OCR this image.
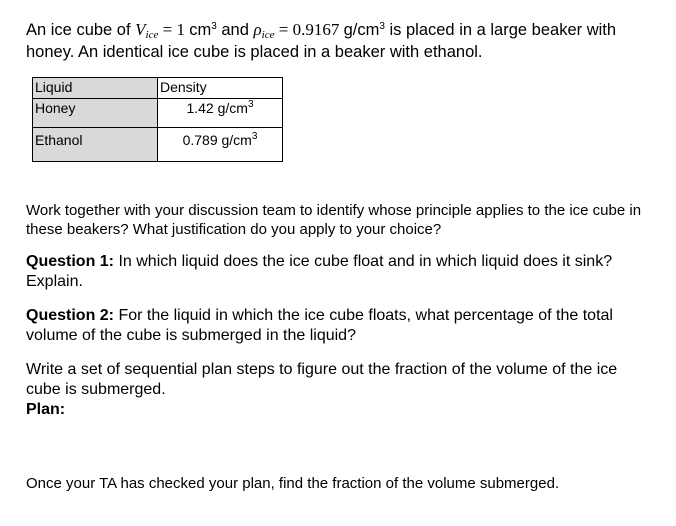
An ice cube of $V_{ice} = 1$ $cm^3$ and $\rho_{ice} = 0.9167$ $g/cm^3$ is placed in a large beaker with honey. An identical ice cube is placed in a beaker with ethanol.
Liquid	Density
Honey	1.42 $g/cm^3$
Ethanol	0.789 $g/cm^3$
Work together with your discussion team to identify whose principle applies to the ice cube in these beakers? What justification do you apply to your choice?
Question 1: In which liquid does the ice cube float and in which liquid does it sink? Explain.
Question 2: For the liquid in which the ice cube floats, what percentage of the total volume of the cube is submerged in the liquid?
Write a set of sequential plan steps to figure out the fraction of the volume of the ice cube is submerged.
Plan:
Once your TA has checked your plan, find the fraction of the volume submerged.
